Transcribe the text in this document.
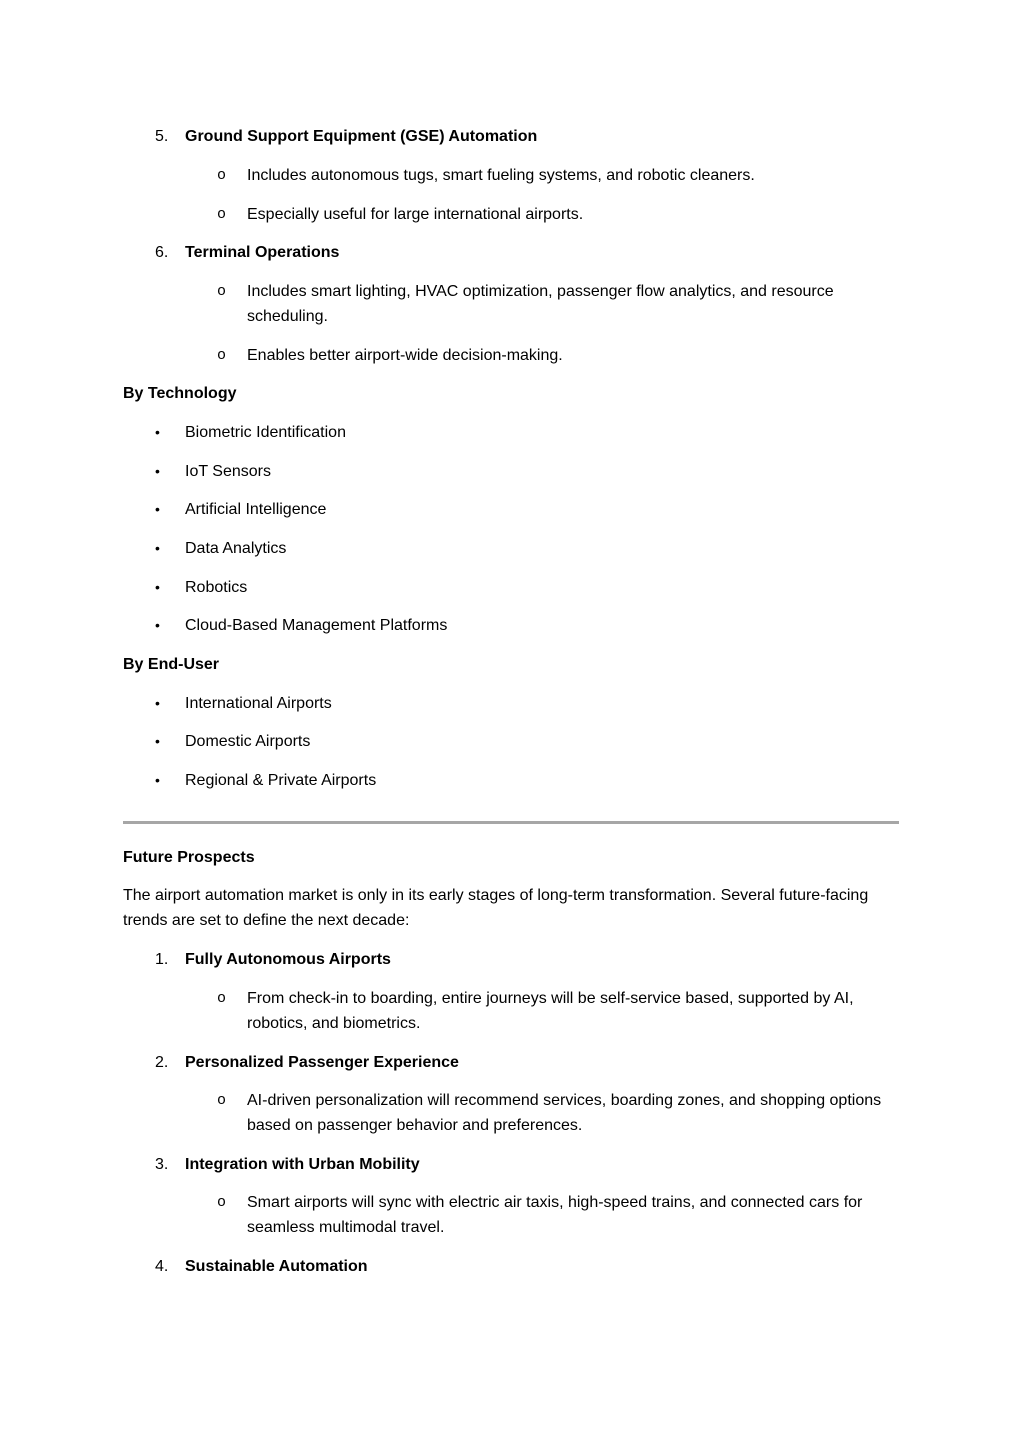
5. Ground Support Equipment (GSE) Automation
o Includes autonomous tugs, smart fueling systems, and robotic cleaners.
o Especially useful for large international airports.
6. Terminal Operations
o Includes smart lighting, HVAC optimization, passenger flow analytics, and resource scheduling.
o Enables better airport-wide decision-making.
By Technology
• Biometric Identification
• IoT Sensors
• Artificial Intelligence
• Data Analytics
• Robotics
• Cloud-Based Management Platforms
By End-User
• International Airports
• Domestic Airports
• Regional & Private Airports
Future Prospects
The airport automation market is only in its early stages of long-term transformation. Several future-facing trends are set to define the next decade:
1. Fully Autonomous Airports
o From check-in to boarding, entire journeys will be self-service based, supported by AI, robotics, and biometrics.
2. Personalized Passenger Experience
o AI-driven personalization will recommend services, boarding zones, and shopping options based on passenger behavior and preferences.
3. Integration with Urban Mobility
o Smart airports will sync with electric air taxis, high-speed trains, and connected cars for seamless multimodal travel.
4. Sustainable Automation
